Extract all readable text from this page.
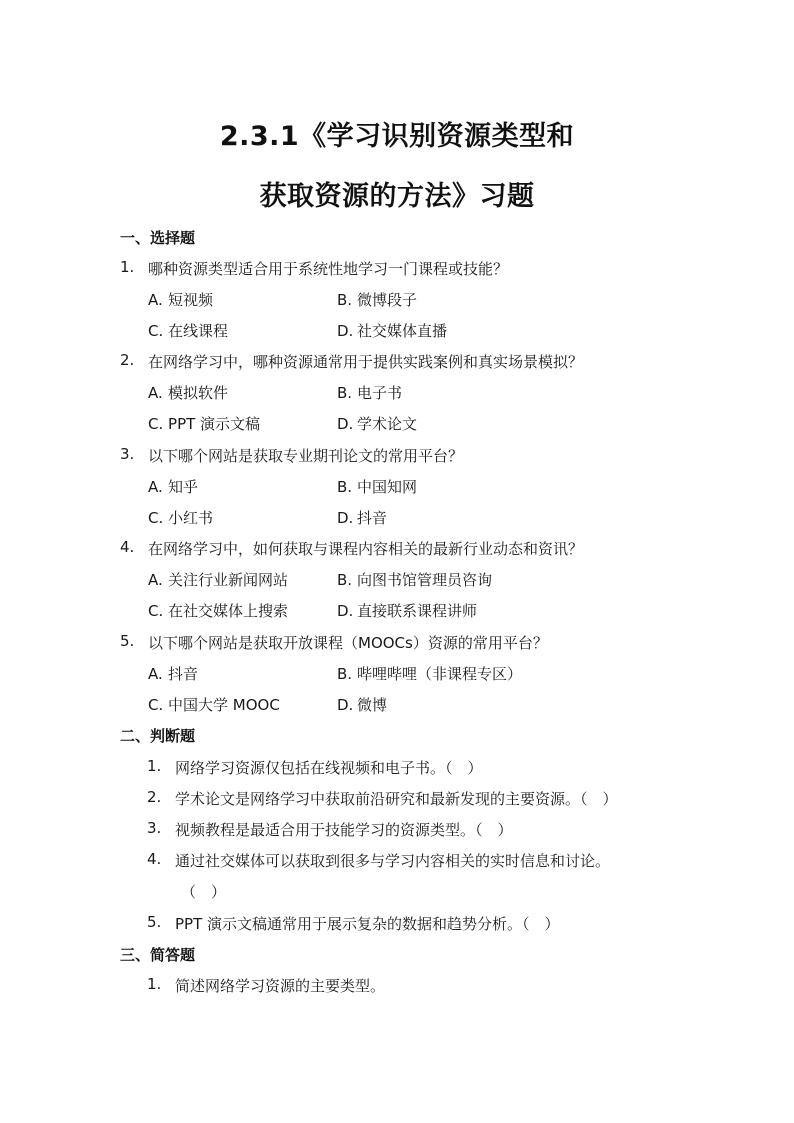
2.3.1《学习识别资源类型和
获取资源的方法》习题
一、选择题
1. 哪种资源类型适合用于系统性地学习一门课程或技能？
A. 短视频	B. 微博段子
C. 在线课程	D. 社交媒体直播
2. 在网络学习中，哪种资源通常用于提供实践案例和真实场景模拟？
A. 模拟软件	B. 电子书
C. PPT 演示文稿	D. 学术论文
3. 以下哪个网站是获取专业期刊论文的常用平台？
A. 知乎	B. 中国知网
C. 小红书	D. 抖音
4. 在网络学习中，如何获取与课程内容相关的最新行业动态和资讯？
A. 关注行业新闻网站	B. 向图书馆管理员咨询
C. 在社交媒体上搜索	D. 直接联系课程讲师
5. 以下哪个网站是获取开放课程（MOOCs）资源的常用平台？
A. 抖音	B. 哔哩哔哩（非课程专区）
C. 中国大学 MOOC	D. 微博
二、判断题
1. 网络学习资源仅包括在线视频和电子书。（　）
2. 学术论文是网络学习中获取前沿研究和最新发现的主要资源。（　）
3. 视频教程是最适合用于技能学习的资源类型。（　）
4. 通过社交媒体可以获取到很多与学习内容相关的实时信息和讨论。
（　）
5. PPT 演示文稿通常用于展示复杂的数据和趋势分析。（　）
三、简答题
1. 简述网络学习资源的主要类型。
